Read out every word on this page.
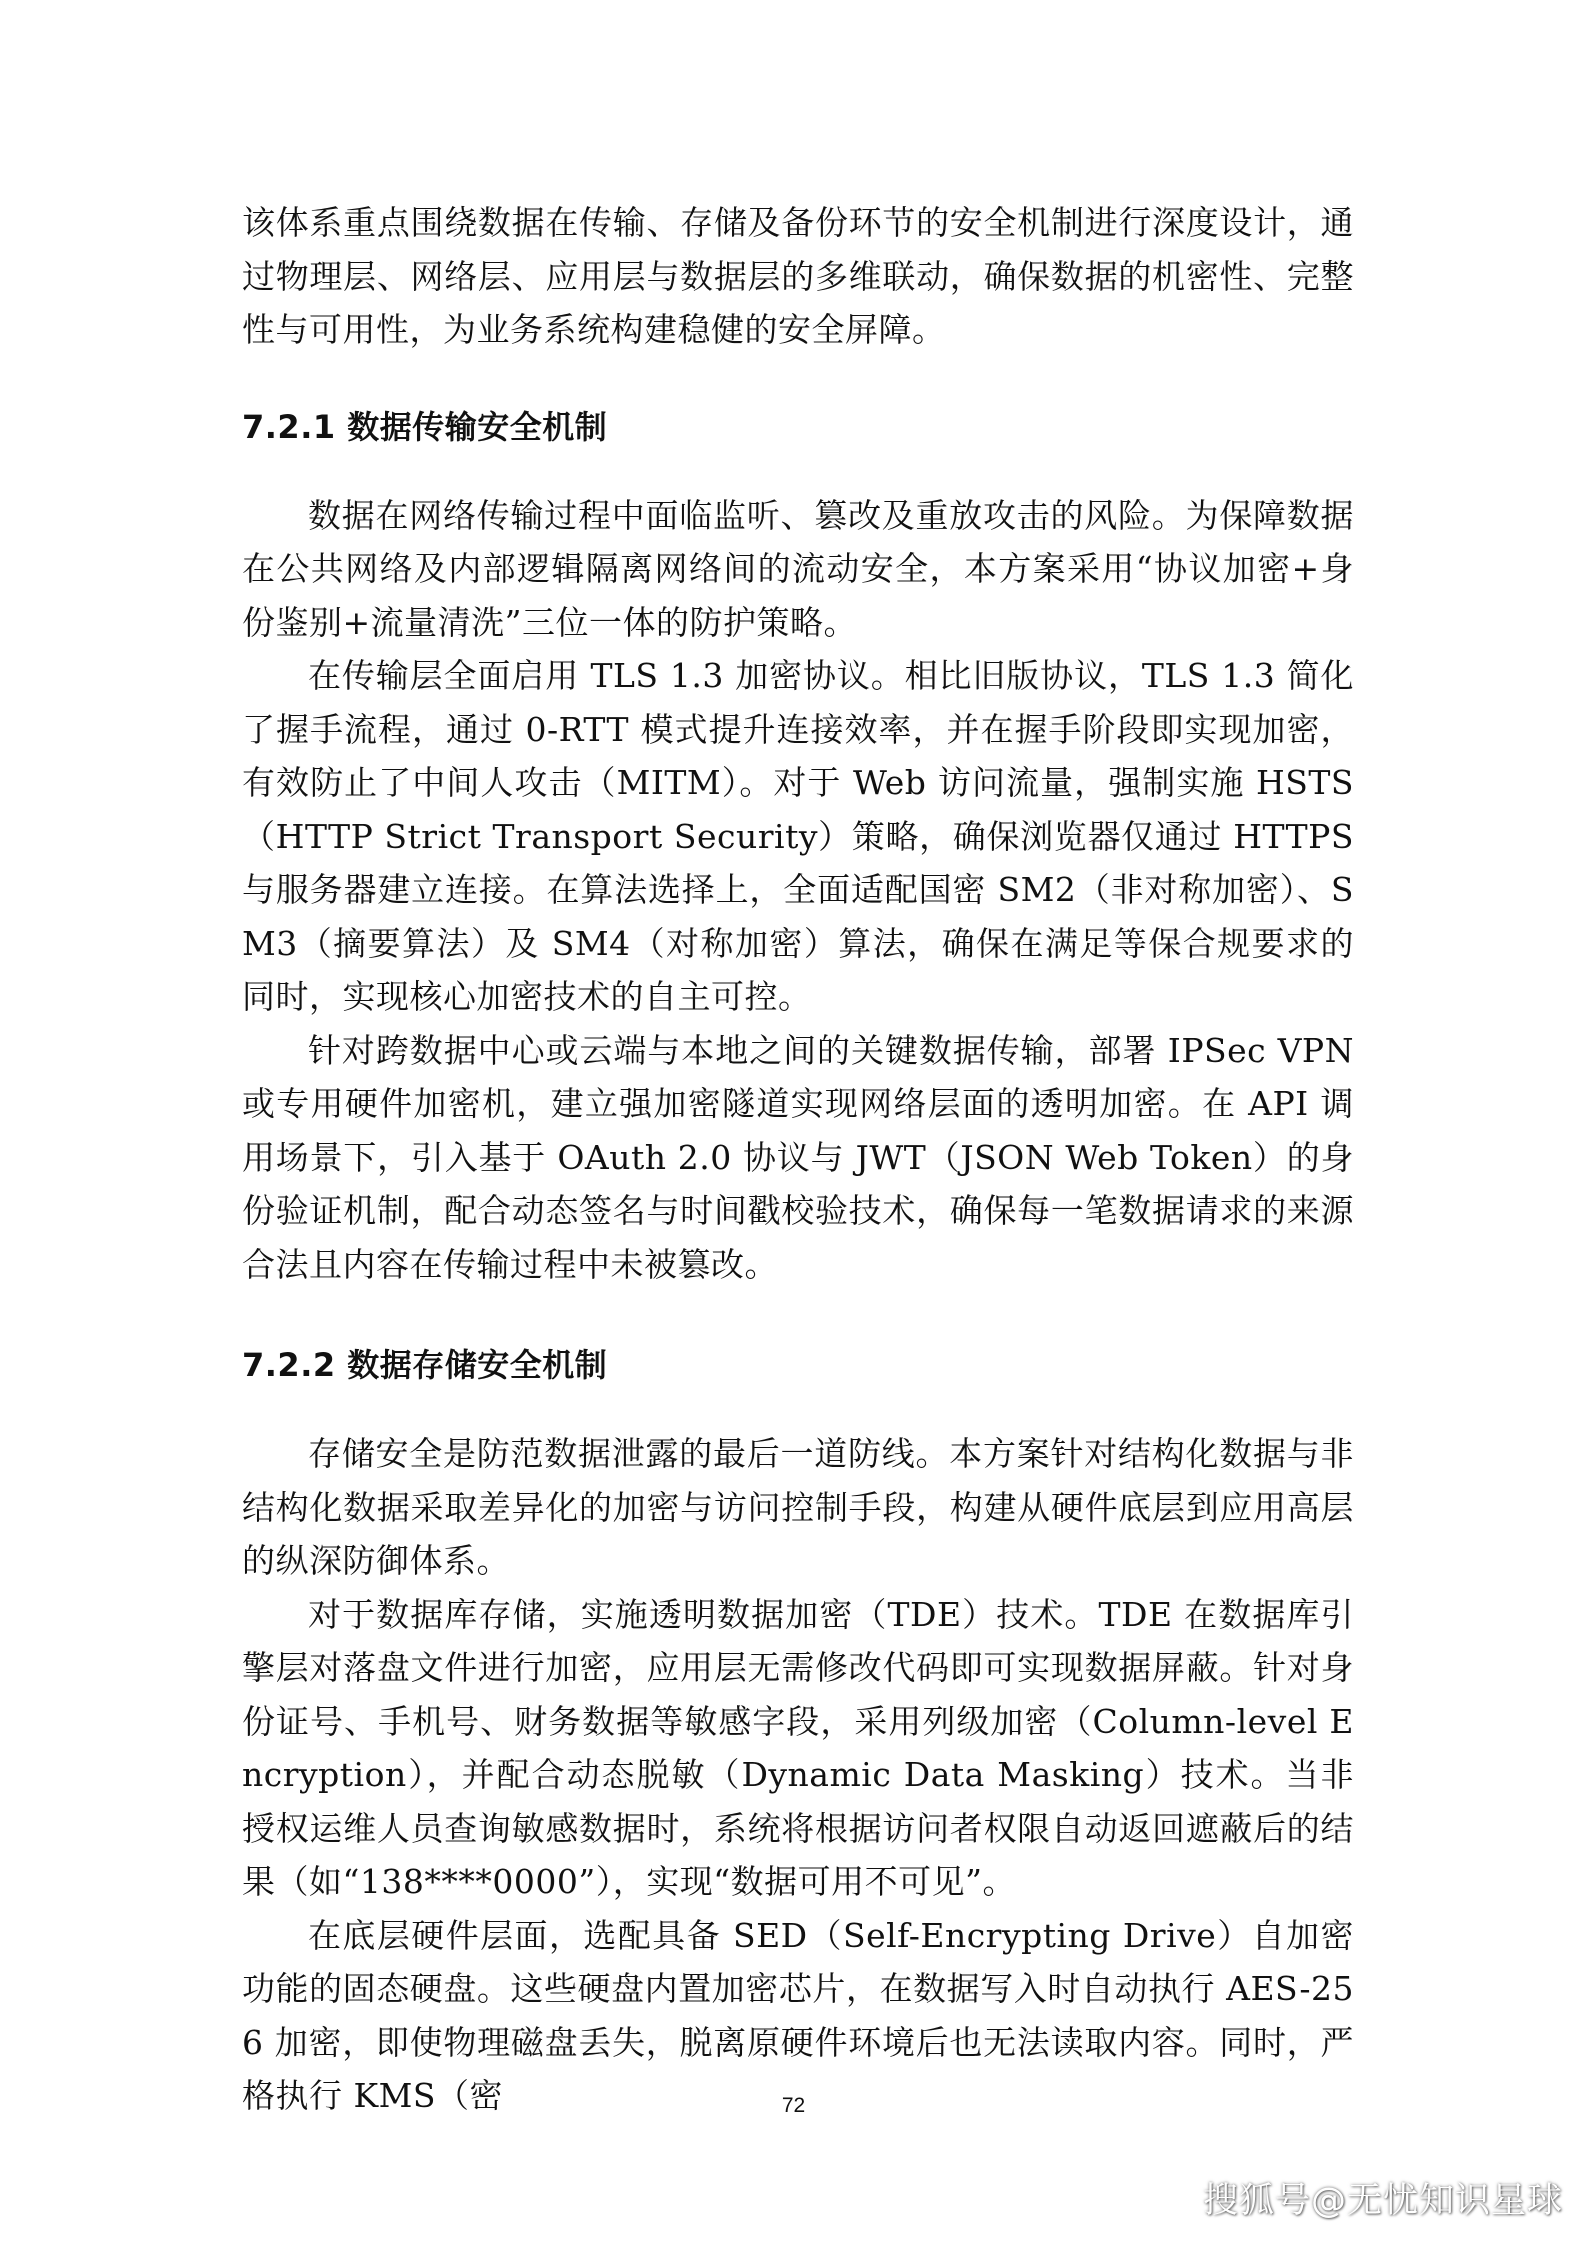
该体系重点围绕数据在传输、存储及备份环节的安全机制进行深度设计，通过物理层、网络层、应用层与数据层的多维联动，确保数据的机密性、完整性与可用性，为业务系统构建稳健的安全屏障。

7.2.1 数据传输安全机制

数据在网络传输过程中面临监听、篡改及重放攻击的风险。为保障数据在公共网络及内部逻辑隔离网络间的流动安全，本方案采用“协议加密+身份鉴别+流量清洗”三位一体的防护策略。

在传输层全面启用 TLS 1.3 加密协议。相比旧版协议，TLS 1.3 简化了握手流程，通过 0-RTT 模式提升连接效率，并在握手阶段即实现加密，有效防止了中间人攻击（MITM）。对于 Web 访问流量，强制实施 HSTS（HTTP Strict Transport Security）策略，确保浏览器仅通过 HTTPS 与服务器建立连接。在算法选择上，全面适配国密 SM2（非对称加密）、SM3（摘要算法）及 SM4（对称加密）算法，确保在满足等保合规要求的同时，实现核心加密技术的自主可控。

针对跨数据中心或云端与本地之间的关键数据传输，部署 IPSec VPN 或专用硬件加密机，建立强加密隧道实现网络层面的透明加密。在 API 调用场景下，引入基于 OAuth 2.0 协议与 JWT（JSON Web Token）的身份验证机制，配合动态签名与时间戳校验技术，确保每一笔数据请求的来源合法且内容在传输过程中未被篡改。

7.2.2 数据存储安全机制

存储安全是防范数据泄露的最后一道防线。本方案针对结构化数据与非结构化数据采取差异化的加密与访问控制手段，构建从硬件底层到应用高层的纵深防御体系。

对于数据库存储，实施透明数据加密（TDE）技术。TDE 在数据库引擎层对落盘文件进行加密，应用层无需修改代码即可实现数据屏蔽。针对身份证号、手机号、财务数据等敏感字段，采用列级加密（Column-level Encryption），并配合动态脱敏（Dynamic Data Masking）技术。当非授权运维人员查询敏感数据时，系统将根据访问者权限自动返回遮蔽后的结果（如“138****0000”），实现“数据可用不可见”。

在底层硬件层面，选配具备 SED（Self-Encrypting Drive）自加密功能的固态硬盘。这些硬盘内置加密芯片，在数据写入时自动执行 AES-256 加密，即使物理磁盘丢失，脱离原硬件环境后也无法读取内容。同时，严格执行 KMS（密	72
搜狐号@无忧知识星球
